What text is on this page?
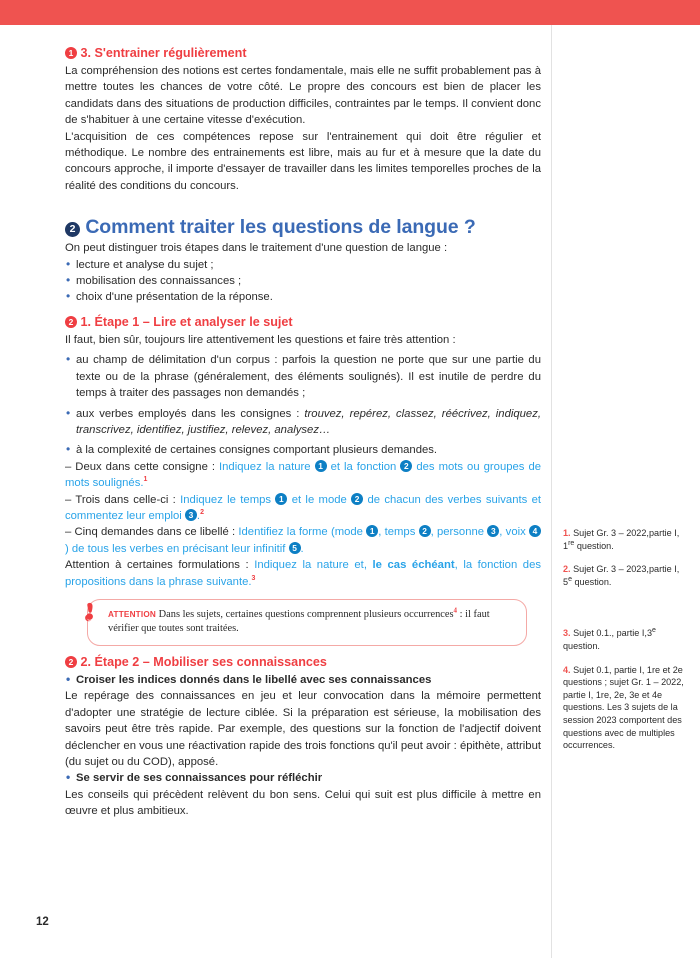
1 3. S'entrainer régulièrement

La compréhension des notions est certes fondamentale, mais elle ne suffit probablement pas à mettre toutes les chances de votre côté. Le propre des concours est bien de placer les candidats dans des situations de production difficiles, contraintes par le temps. Il convient donc de s'habituer à une certaine vitesse d'exécution.

L'acquisition de ces compétences repose sur l'entrainement qui doit être régulier et méthodique. Le nombre des entrainements est libre, mais au fur et à mesure que la date du concours approche, il importe d'essayer de travailler dans les limites temporelles proches de la réalité des conditions du concours.

2 Comment traiter les questions de langue ?

On peut distinguer trois étapes dans le traitement d'une question de langue :

• lecture et analyse du sujet ;
• mobilisation des connaissances ;
• choix d'une présentation de la réponse.
2 1. Étape 1 – Lire et analyser le sujet

Il faut, bien sûr, toujours lire attentivement les questions et faire très attention :

• au champ de délimitation d'un corpus : parfois la question ne porte que sur une partie du texte ou de la phrase (généralement, des éléments soulignés). Il est inutile de perdre du temps à traiter des passages non demandés ;
• aux verbes employés dans les consignes : trouvez, repérez, classez, réécrivez, indiquez, transcrivez, identifiez, justifiez, relevez, analysez…
• à la complexité de certaines consignes comportant plusieurs demandes.
– Deux dans cette consigne : Indiquez la nature 1 et la fonction 2 des mots ou groupes de mots soulignés.$^1$
– Trois dans celle-ci : Indiquez le temps 1 et le mode 2 de chacun des verbes suivants et commentez leur emploi 3 .$^2$
– Cinq demandes dans ce libellé : Identifiez la forme (mode 1 , temps 2 , personne 3 , voix 4 ) de tous les verbes en précisant leur infinitif 5 .
Attention à certaines formulations : Indiquez la nature et, le cas échéant, la fonction des propositions dans la phrase suivante.$^3$
ATTENTION Dans les sujets, certaines questions comprennent plusieurs occurrences$^4$ : il faut vérifier que toutes sont traitées.
2 2. Étape 2 – Mobiliser ses connaissances
• Croiser les indices donnés dans le libellé avec ses connaissances

Le repérage des connaissances en jeu et leur convocation dans la mémoire permettent d'adopter une stratégie de lecture ciblée. Si la préparation est sérieuse, la mobilisation des savoirs peut être très rapide. Par exemple, des questions sur la fonction de l'adjectif doivent déclencher en vous une réactivation rapide des trois fonctions qu'il peut avoir : épithète, attribut (du sujet ou du COD), apposé.

• Se servir de ses connaissances pour réfléchir

Les conseils qui précèdent relèvent du bon sens. Celui qui suit est plus difficile à mettre en œuvre et plus ambitieux.

1. Sujet Gr. 3 – 2022,partie I, 1re question.
2. Sujet Gr. 3 – 2023,partie I, 5e question.
3. Sujet 0.1., partie I,3e question.
4. Sujet 0.1, partie I, 1re et 2e questions ; sujet Gr. 1 – 2022, partie I, 1re, 2e, 3e et 4e questions. Les 3 sujets de la session 2023 comportent des questions avec de multiples occurrences.
12
